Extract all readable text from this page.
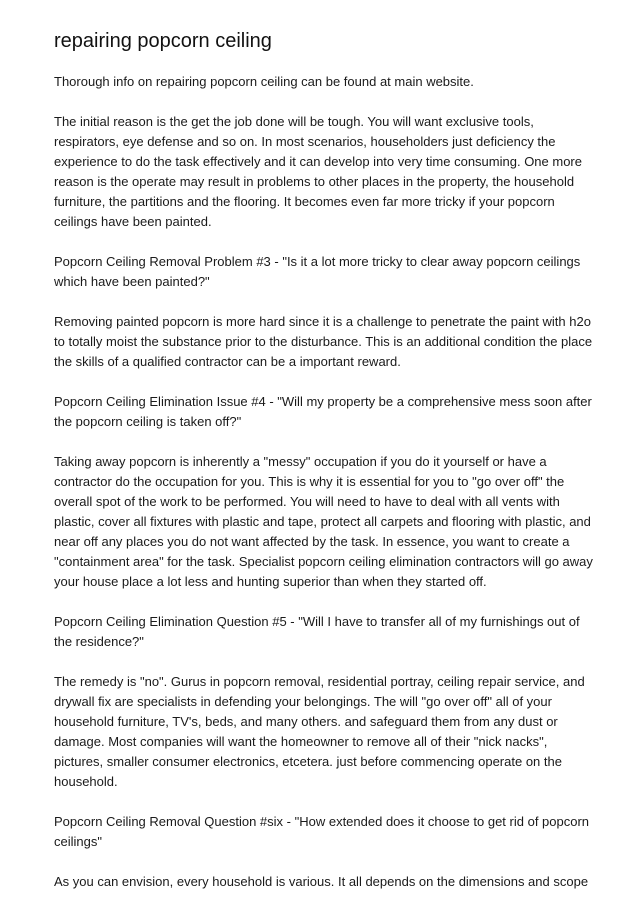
repairing popcorn ceiling

Thorough info on repairing popcorn ceiling can be found at main website.

The initial reason is the get the job done will be tough. You will want exclusive tools, respirators, eye defense and so on. In most scenarios, householders just deficiency the experience to do the task effectively and it can develop into very time consuming. One more reason is the operate may result in problems to other places in the property, the household furniture, the partitions and the flooring. It becomes even far more tricky if your popcorn ceilings have been painted.

Popcorn Ceiling Removal Problem #3 - "Is it a lot more tricky to clear away popcorn ceilings which have been painted?"

Removing painted popcorn is more hard since it is a challenge to penetrate the paint with h2o to totally moist the substance prior to the disturbance. This is an additional condition the place the skills of a qualified contractor can be a important reward.

Popcorn Ceiling Elimination Issue #4 - "Will my property be a comprehensive mess soon after the popcorn ceiling is taken off?"

Taking away popcorn is inherently a "messy" occupation if you do it yourself or have a contractor do the occupation for you. This is why it is essential for you to "go over off" the overall spot of the work to be performed. You will need to have to deal with all vents with plastic, cover all fixtures with plastic and tape, protect all carpets and flooring with plastic, and near off any places you do not want affected by the task. In essence, you want to create a "containment area" for the task. Specialist popcorn ceiling elimination contractors will go away your house place a lot less and hunting superior than when they started off.

Popcorn Ceiling Elimination Question #5 - "Will I have to transfer all of my furnishings out of the residence?"

The remedy is "no". Gurus in popcorn removal, residential portray, ceiling repair service, and drywall fix are specialists in defending your belongings. The will "go over off" all of your household furniture, TV's, beds, and many others. and safeguard them from any dust or damage. Most companies will want the homeowner to remove all of their "nick nacks", pictures, smaller consumer electronics, etcetera. just before commencing operate on the household.

Popcorn Ceiling Removal Question #six - "How extended does it choose to get rid of popcorn ceilings"

As you can envision, every household is various. It all depends on the dimensions and scope
